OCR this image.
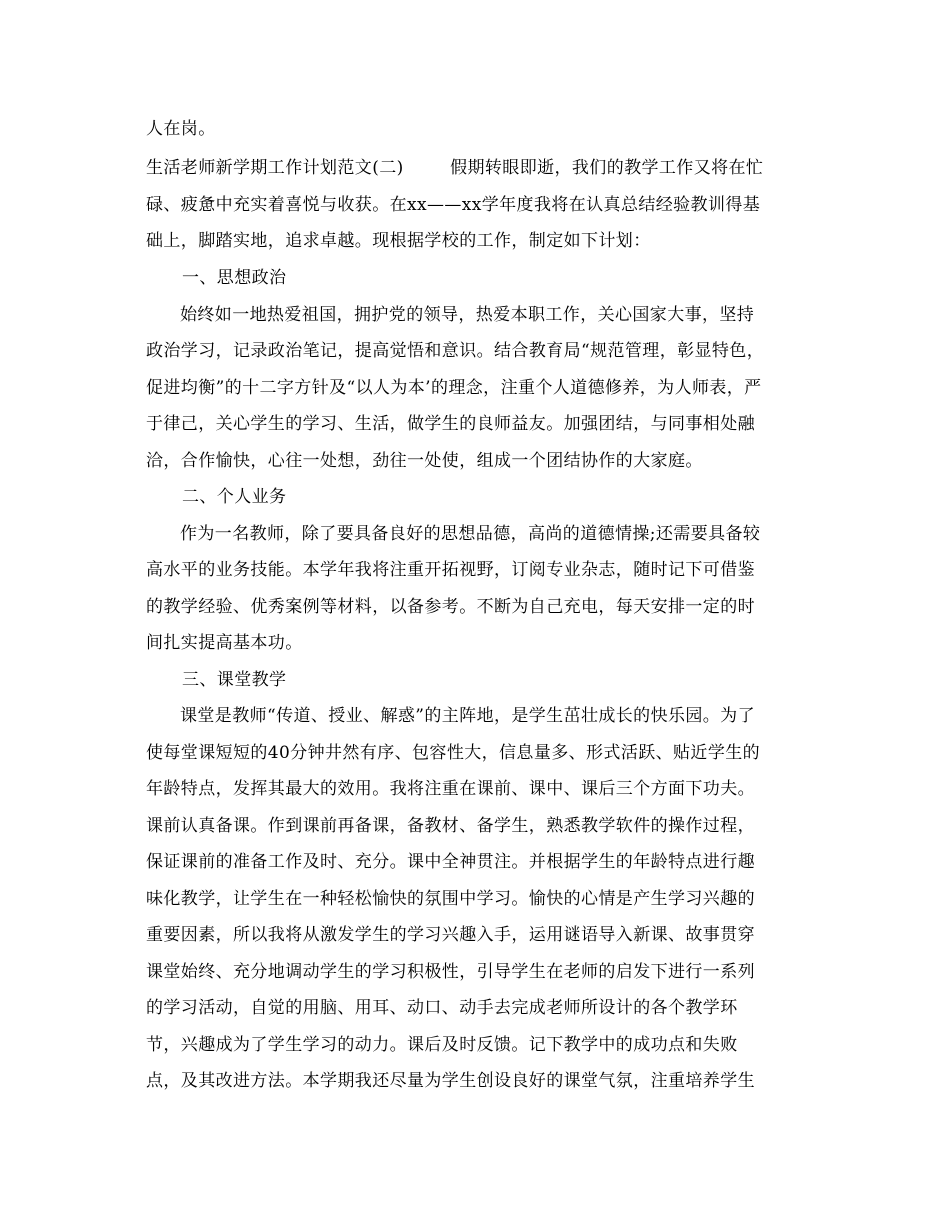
人在岗。
生活老师新学期工作计划范文(二)        假期转眼即逝，我们的教学工作又将在忙
碌、疲惫中充实着喜悦与收获。在xx——xx学年度我将在认真总结经验教训得基
础上，脚踏实地，追求卓越。现根据学校的工作，制定如下计划：
一、思想政治
始终如一地热爱祖国，拥护党的领导，热爱本职工作，关心国家大事，坚持
政治学习，记录政治笔记，提高觉悟和意识。结合教育局“规范管理，彰显特色，
促进均衡”的十二字方针及“以人为本’的理念，注重个人道德修养，为人师表，严
于律己，关心学生的学习、生活，做学生的良师益友。加强团结，与同事相处融
洽，合作愉快，心往一处想，劲往一处使，组成一个团结协作的大家庭。
二、个人业务
作为一名教师，除了要具备良好的思想品德，高尚的道德情操;还需要具备较
高水平的业务技能。本学年我将注重开拓视野，订阅专业杂志，随时记下可借鉴
的教学经验、优秀案例等材料，以备参考。不断为自己充电，每天安排一定的时
间扎实提高基本功。
三、课堂教学
课堂是教师“传道、授业、解惑”的主阵地，是学生茁壮成长的快乐园。为了
使每堂课短短的40分钟井然有序、包容性大，信息量多、形式活跃、贴近学生的
年龄特点，发挥其最大的效用。我将注重在课前、课中、课后三个方面下功夫。
课前认真备课。作到课前再备课，备教材、备学生，熟悉教学软件的操作过程，
保证课前的准备工作及时、充分。课中全神贯注。并根据学生的年龄特点进行趣
味化教学，让学生在一种轻松愉快的氛围中学习。愉快的心情是产生学习兴趣的
重要因素，所以我将从激发学生的学习兴趣入手，运用谜语导入新课、故事贯穿
课堂始终、充分地调动学生的学习积极性，引导学生在老师的启发下进行一系列
的学习活动，自觉的用脑、用耳、动口、动手去完成老师所设计的各个教学环
节，兴趣成为了学生学习的动力。课后及时反馈。记下教学中的成功点和失败
点，及其改进方法。本学期我还尽量为学生创设良好的课堂气氛，注重培养学生
